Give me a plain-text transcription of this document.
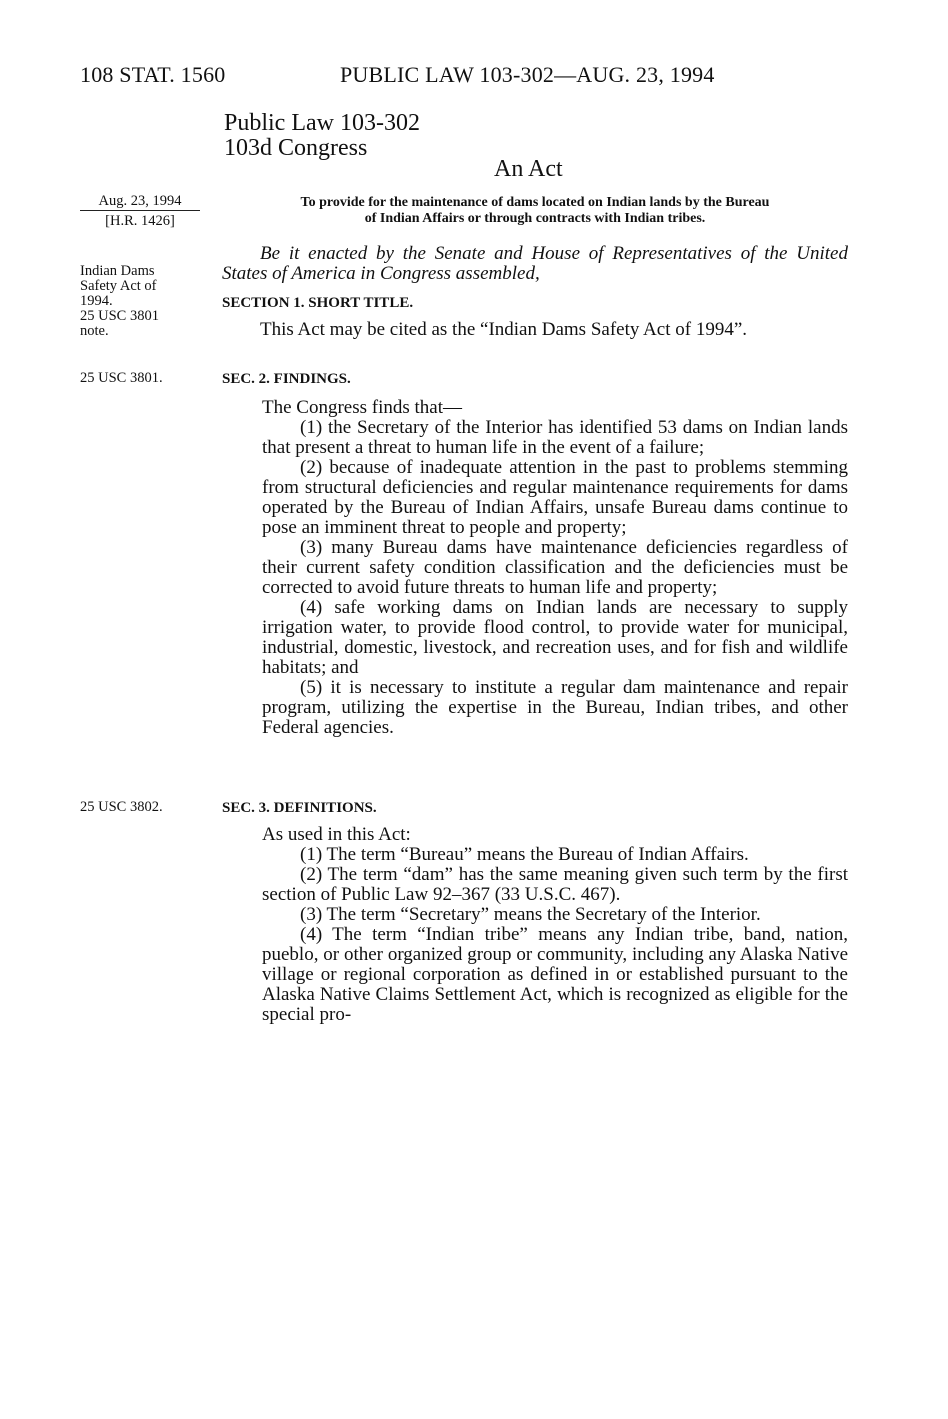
108 STAT. 1560	PUBLIC LAW 103-302—AUG. 23, 1994
Public Law 103-302
103d Congress
An Act
To provide for the maintenance of dams located on Indian lands by the Bureau
of Indian Affairs or through contracts with Indian tribes.
Aug. 23, 1994
[H.R. 1426]
Indian Dams
Safety Act of
1994.
25 USC 3801
note.
25 USC 3801.
25 USC 3802.
Be it enacted by the Senate and House of Representatives of the United States of America in Congress assembled,
SECTION 1. SHORT TITLE.
This Act may be cited as the “Indian Dams Safety Act of 1994”.
SEC. 2. FINDINGS.
The Congress finds that—
(1) the Secretary of the Interior has identified 53 dams on Indian lands that present a threat to human life in the event of a failure;
(2) because of inadequate attention in the past to problems stemming from structural deficiencies and regular maintenance requirements for dams operated by the Bureau of Indian Affairs, unsafe Bureau dams continue to pose an imminent threat to people and property;
(3) many Bureau dams have maintenance deficiencies regardless of their current safety condition classification and the deficiencies must be corrected to avoid future threats to human life and property;
(4) safe working dams on Indian lands are necessary to supply irrigation water, to provide flood control, to provide water for municipal, industrial, domestic, livestock, and recreation uses, and for fish and wildlife habitats; and
(5) it is necessary to institute a regular dam maintenance and repair program, utilizing the expertise in the Bureau, Indian tribes, and other Federal agencies.
SEC. 3. DEFINITIONS.
As used in this Act:
(1) The term “Bureau” means the Bureau of Indian Affairs.
(2) The term “dam” has the same meaning given such term by the first section of Public Law 92–367 (33 U.S.C. 467).
(3) The term “Secretary” means the Secretary of the Interior.
(4) The term “Indian tribe” means any Indian tribe, band, nation, pueblo, or other organized group or community, including any Alaska Native village or regional corporation as defined in or established pursuant to the Alaska Native Claims Settlement Act, which is recognized as eligible for the special pro-
